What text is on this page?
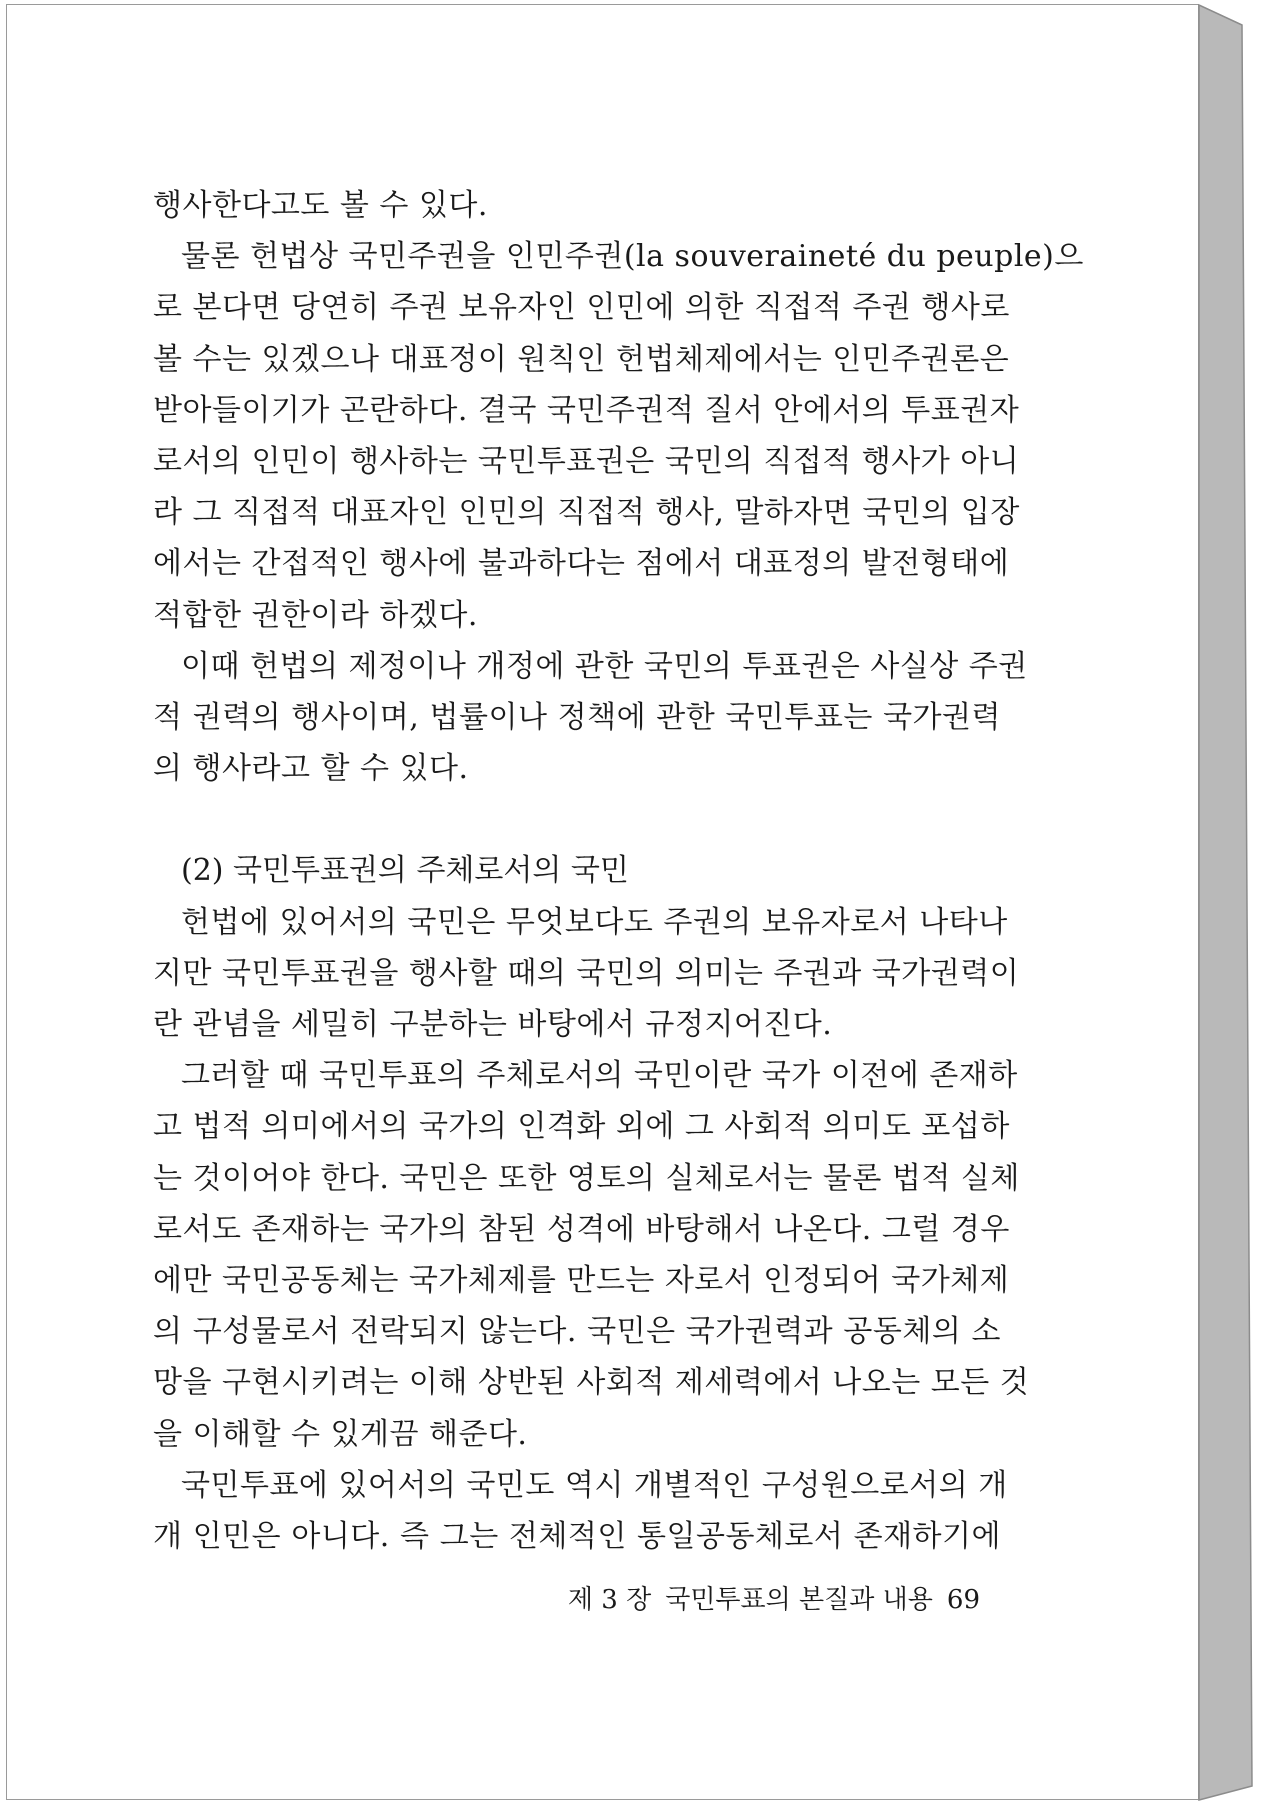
행사한다고도 볼 수 있다.
물론 헌법상 국민주권을 인민주권(la souveraineté du peuple)으
로 본다면 당연히 주권 보유자인 인민에 의한 직접적 주권 행사로
볼 수는 있겠으나 대표정이 원칙인 헌법체제에서는 인민주권론은
받아들이기가 곤란하다. 결국 국민주권적 질서 안에서의 투표권자
로서의 인민이 행사하는 국민투표권은 국민의 직접적 행사가 아니
라 그 직접적 대표자인 인민의 직접적 행사, 말하자면 국민의 입장
에서는 간접적인 행사에 불과하다는 점에서 대표정의 발전형태에
적합한 권한이라 하겠다.
이때 헌법의 제정이나 개정에 관한 국민의 투표권은 사실상 주권
적 권력의 행사이며, 법률이나 정책에 관한 국민투표는 국가권력
의 행사라고 할 수 있다.
(2) 국민투표권의 주체로서의 국민
헌법에 있어서의 국민은 무엇보다도 주권의 보유자로서 나타나
지만 국민투표권을 행사할 때의 국민의 의미는 주권과 국가권력이
란 관념을 세밀히 구분하는 바탕에서 규정지어진다.
그러할 때 국민투표의 주체로서의 국민이란 국가 이전에 존재하
고 법적 의미에서의 국가의 인격화 외에 그 사회적 의미도 포섭하
는 것이어야 한다. 국민은 또한 영토의 실체로서는 물론 법적 실체
로서도 존재하는 국가의 참된 성격에 바탕해서 나온다. 그럴 경우
에만 국민공동체는 국가체제를 만드는 자로서 인정되어 국가체제
의 구성물로서 전락되지 않는다. 국민은 국가권력과 공동체의 소
망을 구현시키려는 이해 상반된 사회적 제세력에서 나오는 모든 것
을 이해할 수 있게끔 해준다.
국민투표에 있어서의 국민도 역시 개별적인 구성원으로서의 개
개 인민은 아니다. 즉 그는 전체적인 통일공동체로서 존재하기에
제 3 장 국민투표의 본질과 내용 69
